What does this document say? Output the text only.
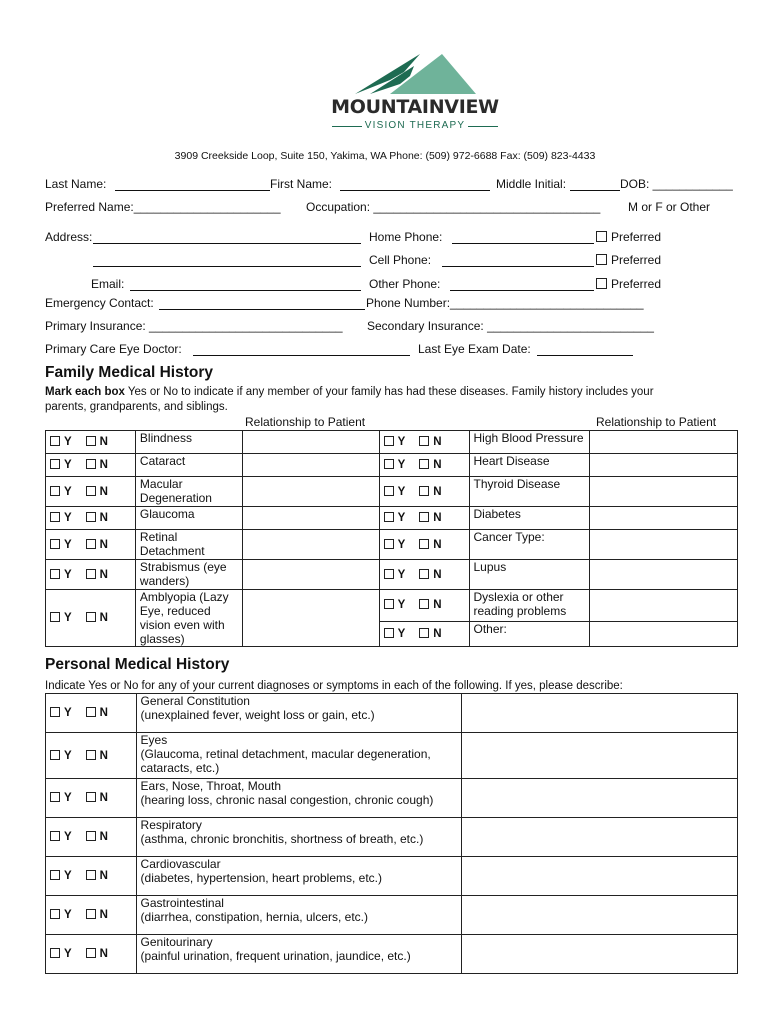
MOUNTAINVIEW
VISION THERAPY
3909 Creekside Loop, Suite 150, Yakima, WA Phone: (509) 972-6688 Fax: (509) 823-4433
Last Name:	First Name:	Middle Initial:	DOB: ____________
Preferred Name:______________________ Occupation: __________________________________ M or F or Other
Address:	Home Phone:	Preferred
Cell Phone:	Preferred
Email:	Other Phone:	Preferred
Emergency Contact:	Phone Number:_____________________________
Primary Insurance: _____________________________ Secondary Insurance: _________________________
Primary Care Eye Doctor:	Last Eye Exam Date:
Family Medical History
Mark each box Yes or No to indicate if any member of your family has had these diseases. Family history includes your
parents, grandparents, and siblings.
Relationship to Patient	Relationship to Patient
Y N	Blindness		Y N	High Blood Pressure	
Y N	Cataract		Y N	Heart Disease	
Y N	Macular Degeneration		Y N	Thyroid Disease	
Y N	Glaucoma		Y N	Diabetes	
Y N	Retinal Detachment		Y N	Cancer Type:	
Y N	Strabismus (eye wanders)		Y N	Lupus	
Y N	Amblyopia (Lazy Eye, reduced vision even with glasses)		Y N	Dyslexia or other reading problems	
			Y N	Other:	
Personal Medical History
Indicate Yes or No for any of your current diagnoses or symptoms in each of the following. If yes, please describe:
Y N	General Constitution
(unexplained fever, weight loss or gain, etc.)	

Y N	Eyes
(Glaucoma, retinal detachment, macular degeneration, cataracts, etc.)	

Y N	Ears, Nose, Throat, Mouth
(hearing loss, chronic nasal congestion, chronic cough)	

Y N	Respiratory
(asthma, chronic bronchitis, shortness of breath, etc.)	

Y N	Cardiovascular
(diabetes, hypertension, heart problems, etc.)	

Y N	Gastrointestinal
(diarrhea, constipation, hernia, ulcers, etc.)	

Y N	Genitourinary
(painful urination, frequent urination, jaundice, etc.)	
